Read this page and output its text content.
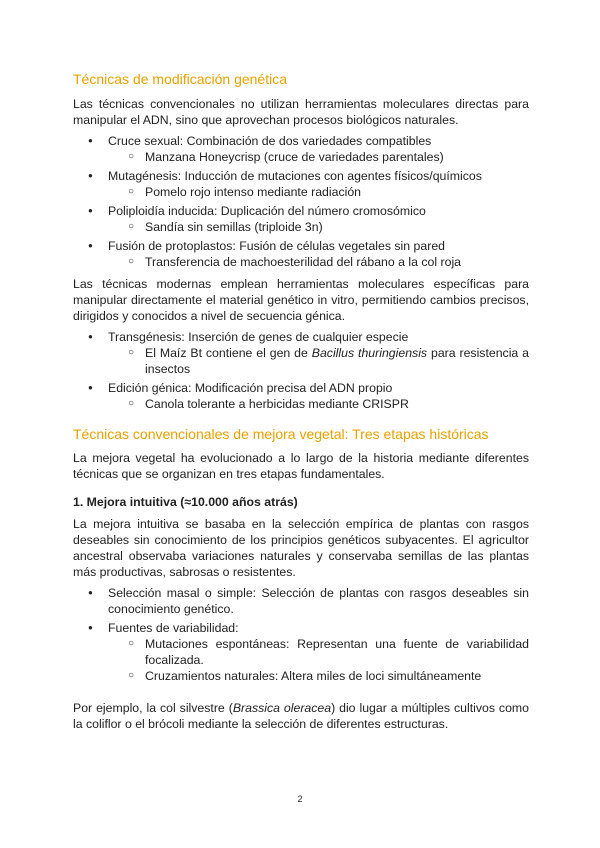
Técnicas de modificación genética

Las técnicas convencionales no utilizan herramientas moleculares directas para manipular el ADN, sino que aprovechan procesos biológicos naturales.

● Cruce sexual: Combinación de dos variedades compatibles
○ Manzana Honeycrisp (cruce de variedades parentales)
● Mutagénesis: Inducción de mutaciones con agentes físicos/químicos
○ Pomelo rojo intenso mediante radiación
● Poliploidía inducida: Duplicación del número cromosómico
○ Sandía sin semillas (triploide 3n)
● Fusión de protoplastos: Fusión de células vegetales sin pared
○ Transferencia de machoesterilidad del rábano a la col roja

Las técnicas modernas emplean herramientas moleculares específicas para manipular directamente el material genético in vitro, permitiendo cambios precisos, dirigidos y conocidos a nivel de secuencia génica.

● Transgénesis: Inserción de genes de cualquier especie
○ El Maíz Bt contiene el gen de Bacillus thuringiensis para resistencia a insectos
● Edición génica: Modificación precisa del ADN propio
○ Canola tolerante a herbicidas mediante CRISPR
Técnicas convencionales de mejora vegetal: Tres etapas históricas

La mejora vegetal ha evolucionado a lo largo de la historia mediante diferentes técnicas que se organizan en tres etapas fundamentales.

1. Mejora intuitiva (≈10.000 años atrás)

La mejora intuitiva se basaba en la selección empírica de plantas con rasgos deseables sin conocimiento de los principios genéticos subyacentes. El agricultor ancestral observaba variaciones naturales y conservaba semillas de las plantas más productivas, sabrosas o resistentes.

● Selección masal o simple: Selección de plantas con rasgos deseables sin conocimiento genético.
● Fuentes de variabilidad:
○ Mutaciones espontáneas: Representan una fuente de variabilidad focalizada.
○ Cruzamientos naturales: Altera miles de loci simultáneamente

Por ejemplo, la col silvestre (Brassica oleracea) dio lugar a múltiples cultivos como la coliflor o el brócoli mediante la selección de diferentes estructuras.

2
